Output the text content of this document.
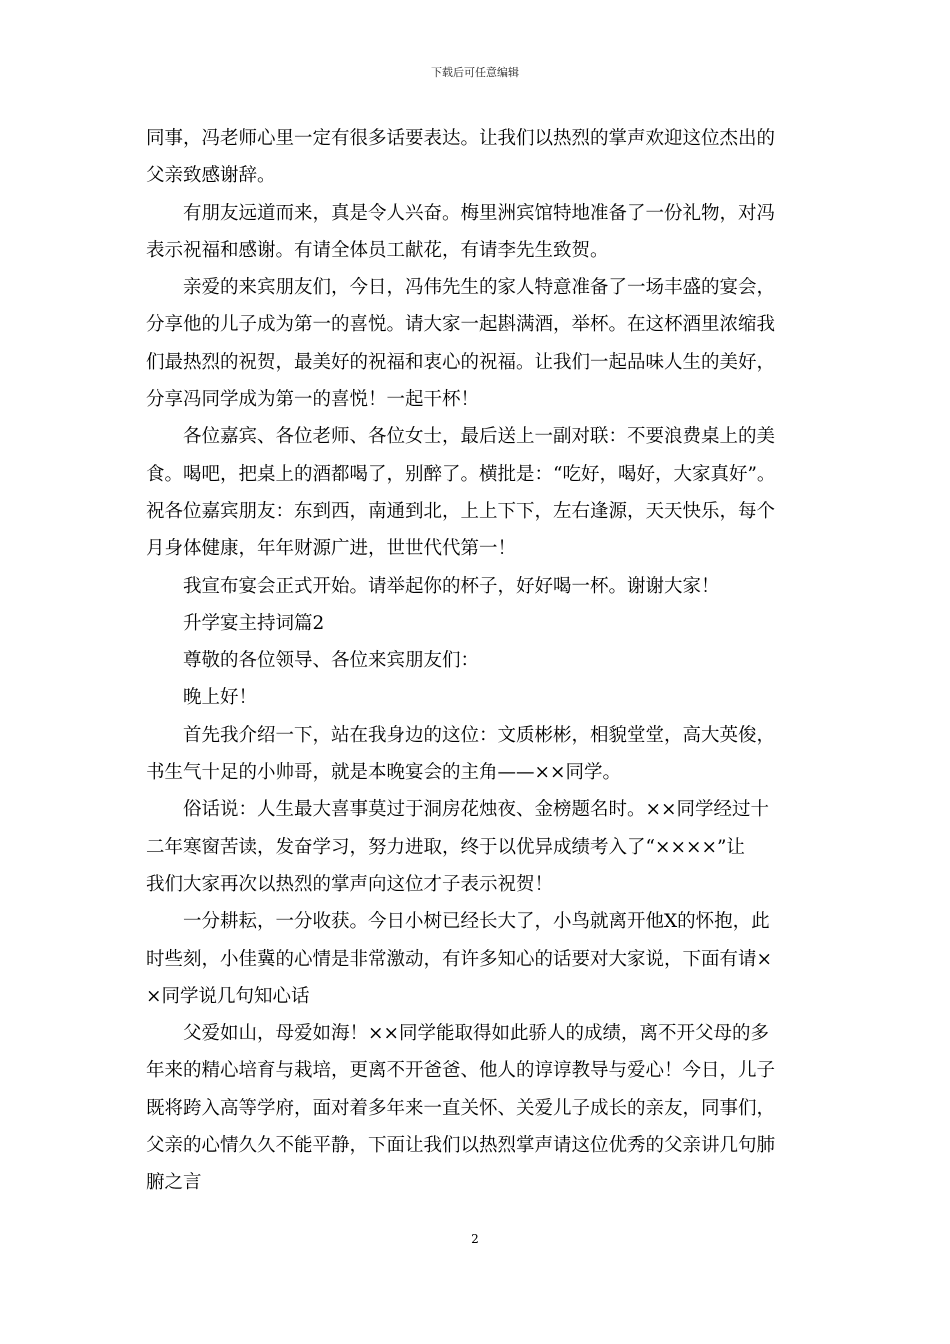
下载后可任意编辑
同事，冯老师心里一定有很多话要表达。让我们以热烈的掌声欢迎这位杰出的
父亲致感谢辞。
有朋友远道而来，真是令人兴奋。梅里洲宾馆特地准备了一份礼物，对冯
表示祝福和感谢。有请全体员工献花，有请李先生致贺。
亲爱的来宾朋友们，今日，冯伟先生的家人特意准备了一场丰盛的宴会，
分享他的儿子成为第一的喜悦。请大家一起斟满酒，举杯。在这杯酒里浓缩我
们最热烈的祝贺，最美好的祝福和衷心的祝福。让我们一起品味人生的美好，
分享冯同学成为第一的喜悦！一起干杯！
各位嘉宾、各位老师、各位女士，最后送上一副对联：不要浪费桌上的美
食。喝吧，把桌上的酒都喝了，别醉了。横批是：“吃好，喝好，大家真好”。
祝各位嘉宾朋友：东到西，南通到北，上上下下，左右逢源，天天快乐，每个
月身体健康，年年财源广进，世世代代第一！
我宣布宴会正式开始。请举起你的杯子，好好喝一杯。谢谢大家！
升学宴主持词篇2
尊敬的各位领导、各位来宾朋友们：
晚上好！
首先我介绍一下，站在我身边的这位：文质彬彬，相貌堂堂，高大英俊，
书生气十足的小帅哥，就是本晚宴会的主角——××同学。
俗话说：人生最大喜事莫过于洞房花烛夜、金榜题名时。××同学经过十
二年寒窗苦读，发奋学习，努力进取，终于以优异成绩考入了“××××”让
我们大家再次以热烈的掌声向这位才子表示祝贺！
一分耕耘，一分收获。今日小树已经长大了，小鸟就离开他X的怀抱，此
时些刻，小佳冀的心情是非常激动，有许多知心的话要对大家说，下面有请×
×同学说几句知心话
父爱如山，母爱如海！××同学能取得如此骄人的成绩，离不开父母的多
年来的精心培育与栽培，更离不开爸爸、他人的谆谆教导与爱心！今日，儿子
既将跨入高等学府，面对着多年来一直关怀、关爱儿子成长的亲友，同事们，
父亲的心情久久不能平静，下面让我们以热烈掌声请这位优秀的父亲讲几句肺
腑之言
2
